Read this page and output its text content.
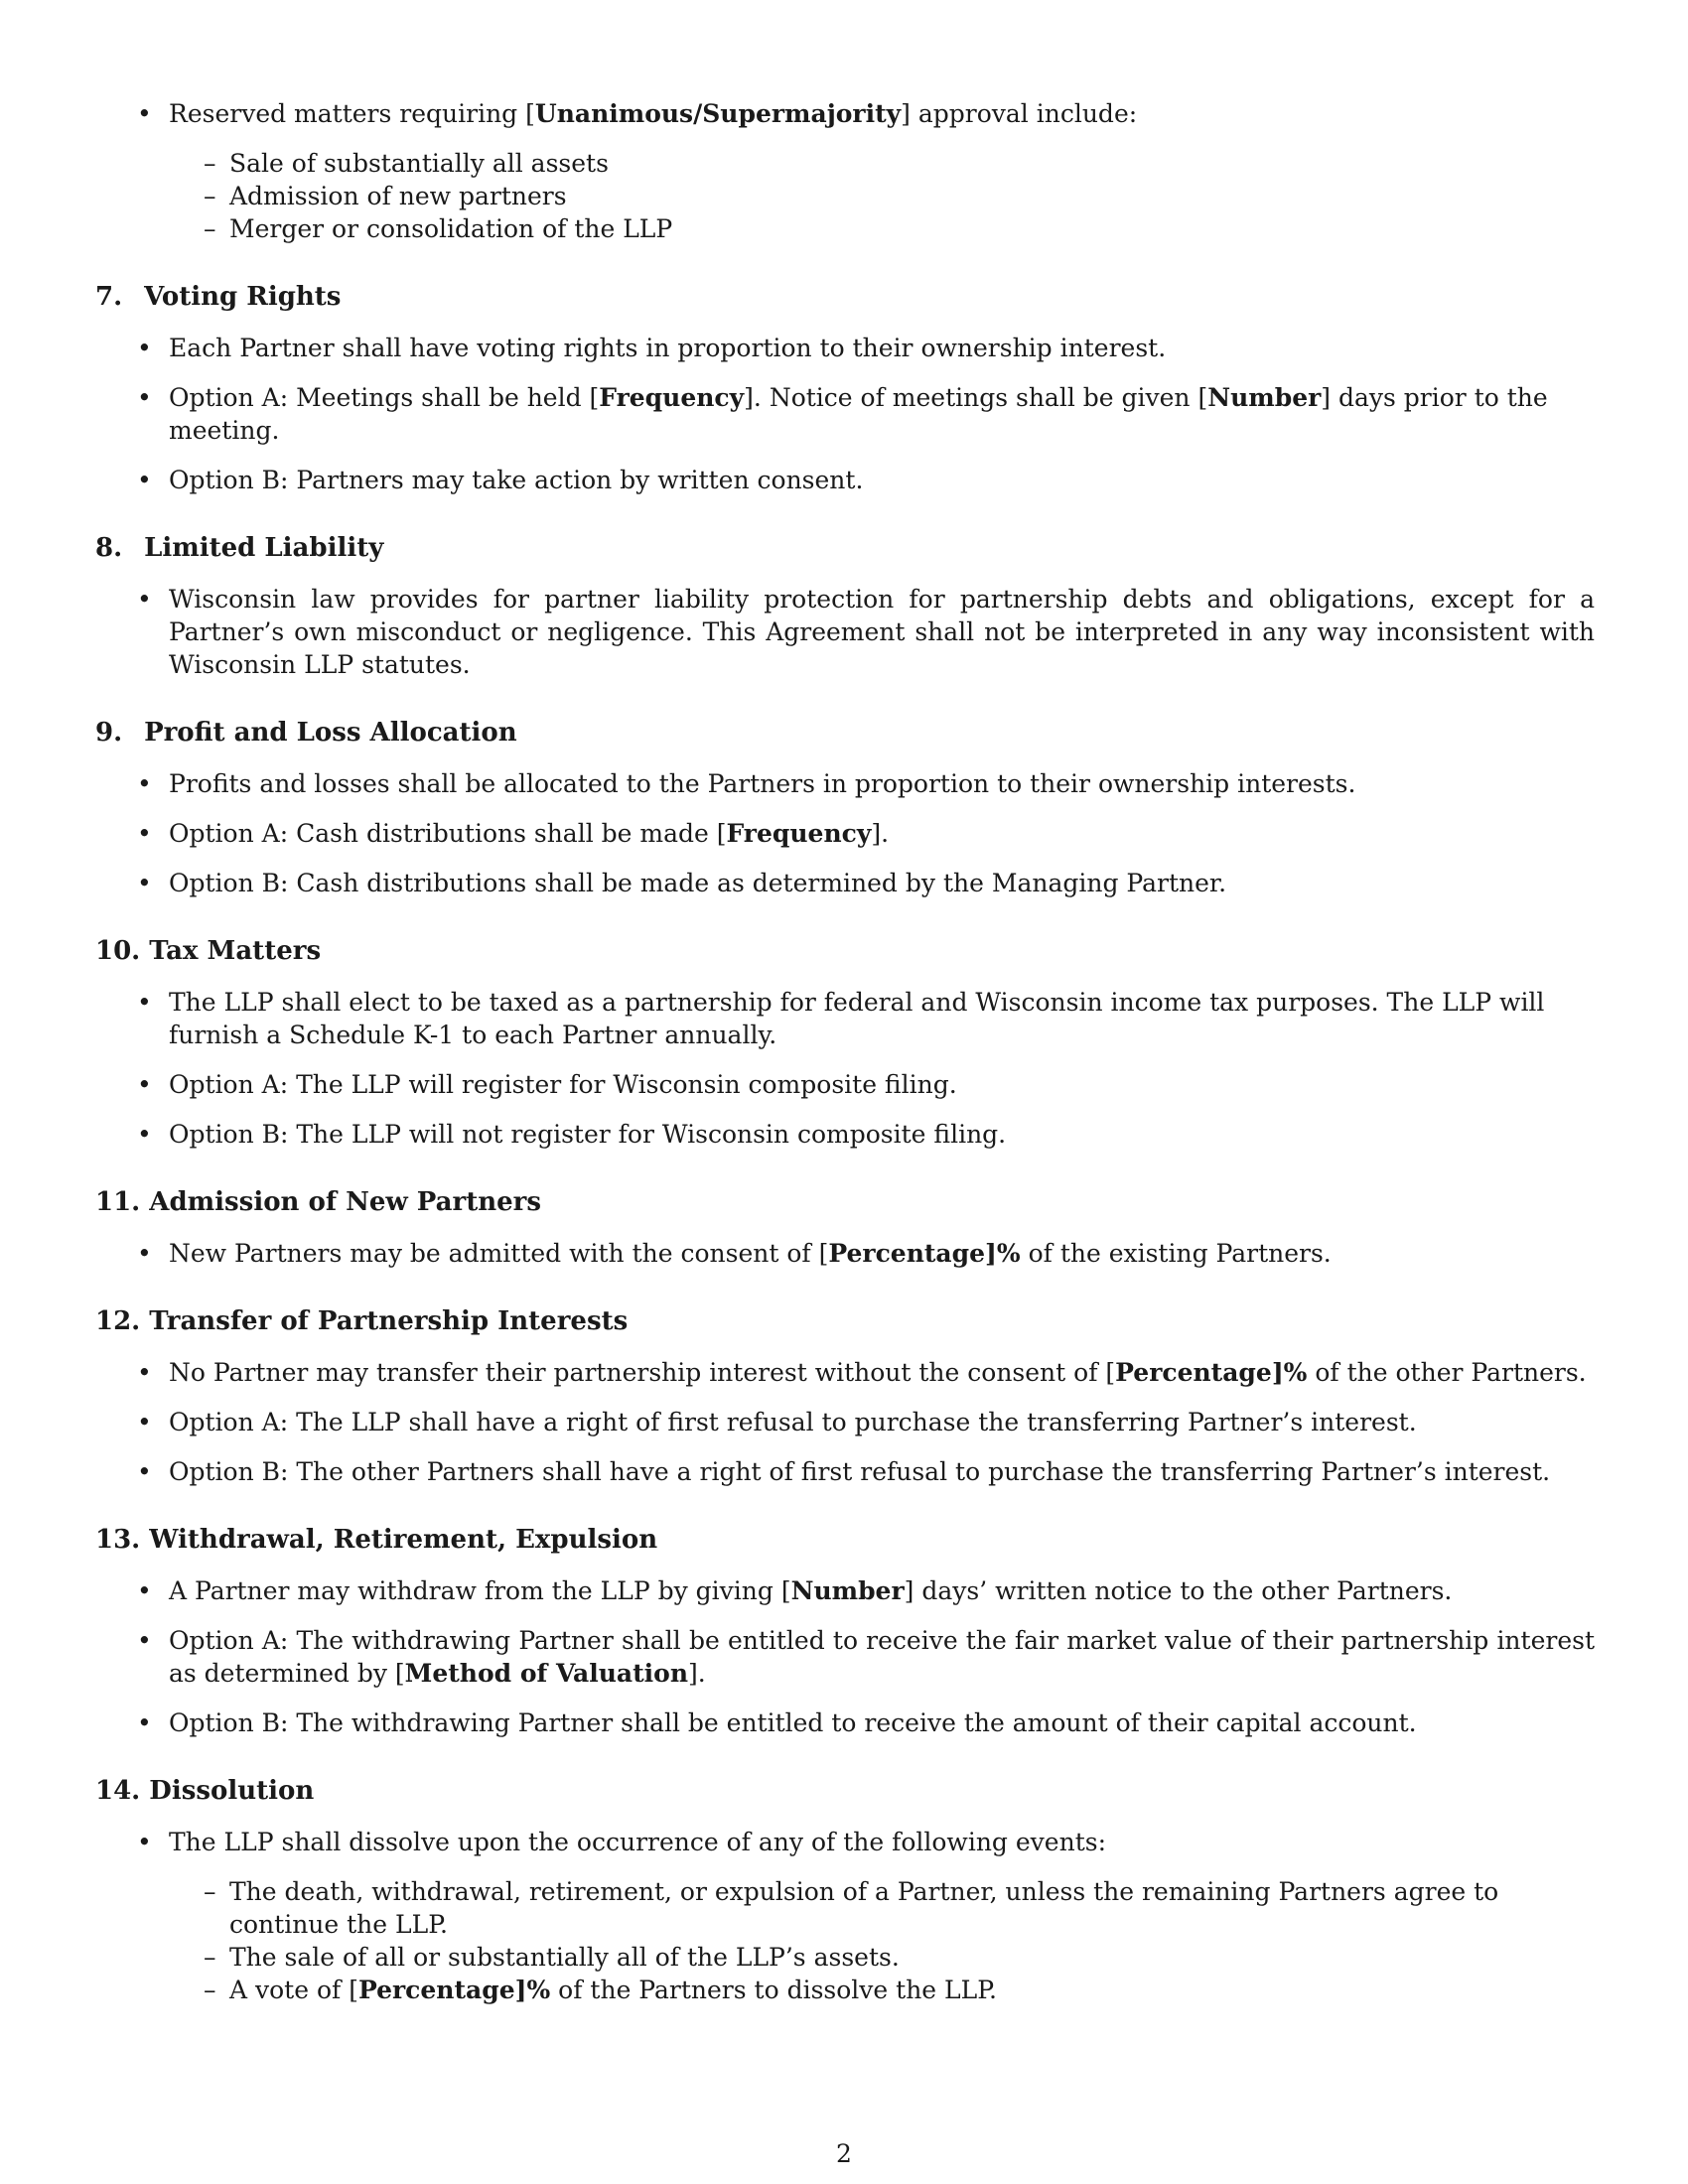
• Reserved matters requiring [Unanimous/Supermajority] approval include:
– Sale of substantially all assets
– Admission of new partners
– Merger or consolidation of the LLP
7. Voting Rights
• Each Partner shall have voting rights in proportion to their ownership interest.
• Option A: Meetings shall be held [Frequency]. Notice of meetings shall be given [Number] days prior to the meeting.
• Option B: Partners may take action by written consent.
8. Limited Liability
• Wisconsin law provides for partner liability protection for partnership debts and obligations, except for a Partner’s own misconduct or negligence. This Agreement shall not be interpreted in any way inconsistent with Wisconsin LLP statutes.
9. Profit and Loss Allocation
• Profits and losses shall be allocated to the Partners in proportion to their ownership interests.
• Option A: Cash distributions shall be made [Frequency].
• Option B: Cash distributions shall be made as determined by the Managing Partner.
10. Tax Matters
• The LLP shall elect to be taxed as a partnership for federal and Wisconsin income tax purposes. The LLP will furnish a Schedule K-1 to each Partner annually.
• Option A: The LLP will register for Wisconsin composite filing.
• Option B: The LLP will not register for Wisconsin composite filing.
11. Admission of New Partners
• New Partners may be admitted with the consent of [Percentage]% of the existing Partners.
12. Transfer of Partnership Interests
• No Partner may transfer their partnership interest without the consent of [Percentage]% of the other Partners.
• Option A: The LLP shall have a right of first refusal to purchase the transferring Partner’s interest.
• Option B: The other Partners shall have a right of first refusal to purchase the transferring Partner’s interest.
13. Withdrawal, Retirement, Expulsion
• A Partner may withdraw from the LLP by giving [Number] days’ written notice to the other Partners.
• Option A: The withdrawing Partner shall be entitled to receive the fair market value of their partnership interest as determined by [Method of Valuation].
• Option B: The withdrawing Partner shall be entitled to receive the amount of their capital account.
14. Dissolution
• The LLP shall dissolve upon the occurrence of any of the following events:
– The death, withdrawal, retirement, or expulsion of a Partner, unless the remaining Partners agree to continue the LLP.
– The sale of all or substantially all of the LLP’s assets.
– A vote of [Percentage]% of the Partners to dissolve the LLP.
2
